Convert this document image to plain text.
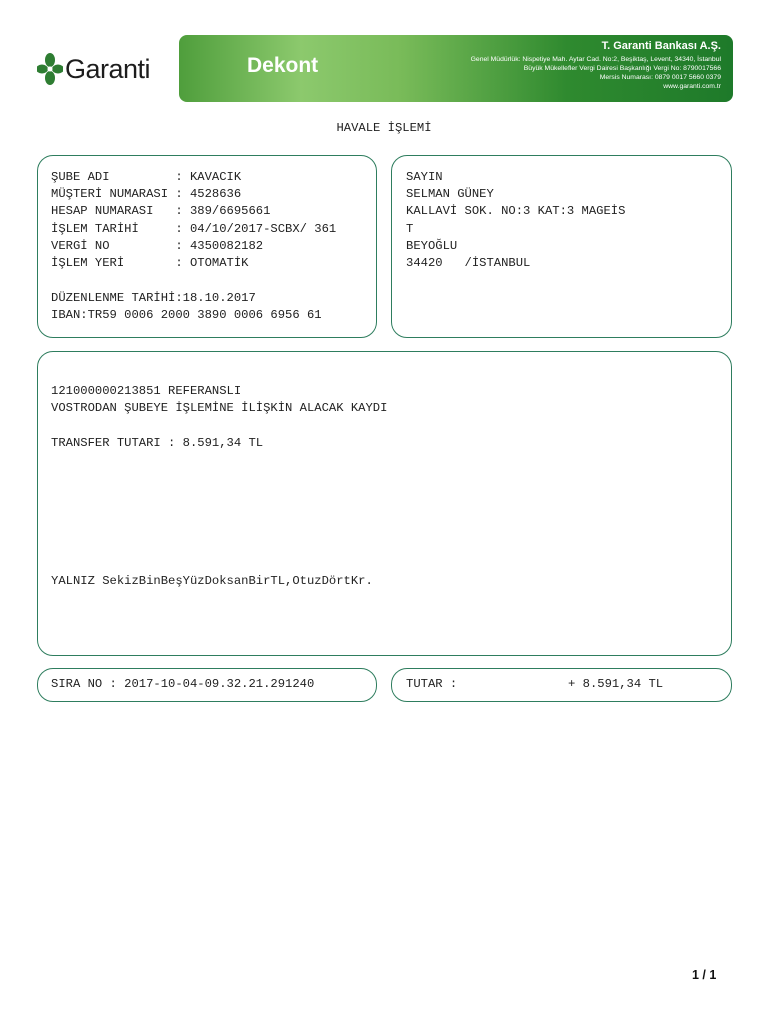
Garanti	Dekont
T. Garanti Bankası A.Ş.
Genel Müdürlük: Nispetiye Mah. Aytar Cad. No:2, Beşiktaş, Levent, 34340, İstanbul
Büyük Mükellefler Vergi Dairesi Başkanlığı Vergi No: 8790017566
Mersis Numarası: 0879 0017 5660 0379
www.garanti.com.tr
HAVALE İŞLEMİ
ŞUBE ADI         : KAVACIK
MÜŞTERİ NUMARASI : 4528636
HESAP NUMARASI   : 389/6695661
İŞLEM TARİHİ     : 04/10/2017-SCBX/ 361
VERGİ NO         : 4350082182
İŞLEM YERİ       : OTOMATİK
DÜZENLENME TARİHİ:18.10.2017
IBAN:TR59 0006 2000 3890 0006 6956 61
SAYIN
SELMAN GÜNEY
KALLAVİ SOK. NO:3 KAT:3 MAGEİS
T
BEYOĞLU
34420   /İSTANBUL
121000000213851 REFERANSLI
VOSTRODAN ŞUBEYE İŞLEMİNE İLİŞKİN ALACAK KAYDI
TRANSFER TUTARI : 8.591,34 TL
YALNIZ SekizBinBeşYüzDoksanBirTL,OtuzDörtKr.
SIRA NO : 2017-10-04-09.32.21.291240	TUTAR :	+ 8.591,34 TL
1 / 1
